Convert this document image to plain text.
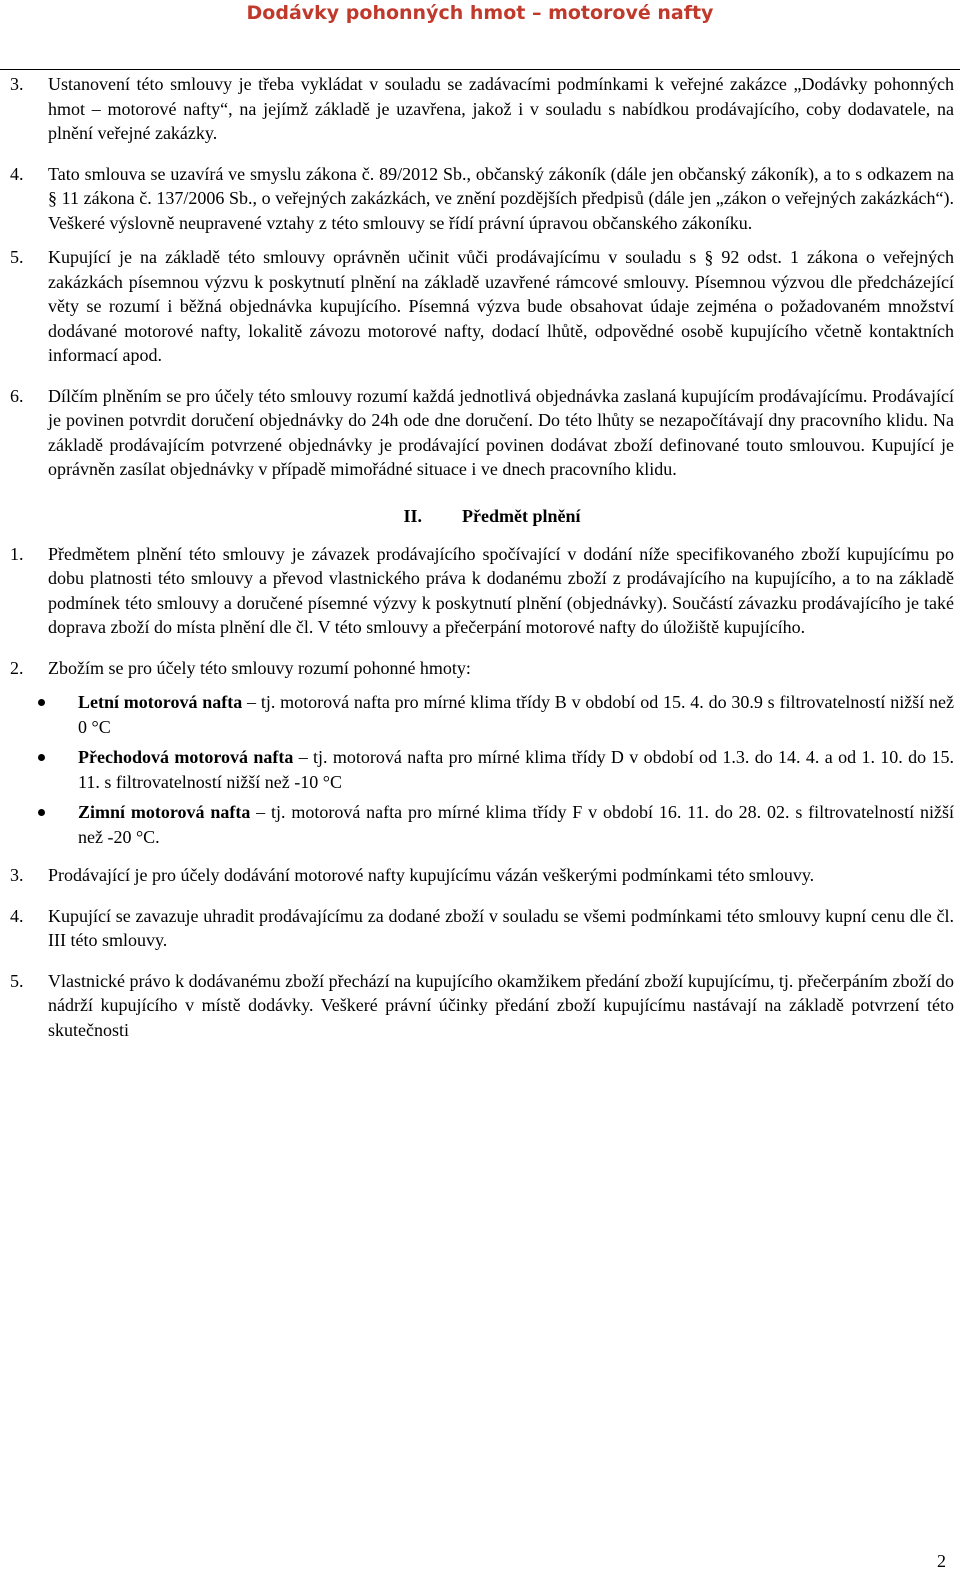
Dodávky pohonných hmot – motorové nafty
3.	Ustanovení této smlouvy je třeba vykládat v souladu se zadávacími podmínkami k veřejné zakázce „Dodávky pohonných hmot – motorové nafty“, na jejímž základě je uzavřena, jakož i v souladu s nabídkou prodávajícího, coby dodavatele, na plnění veřejné zakázky.
4.	Tato smlouva se uzavírá ve smyslu zákona č. 89/2012 Sb., občanský zákoník (dále jen občanský zákoník), a to s odkazem na § 11 zákona č. 137/2006 Sb., o veřejných zakázkách, ve znění pozdějších předpisů (dále jen „zákon o veřejných zakázkách“). Veškeré výslovně neupravené vztahy z této smlouvy se řídí právní úpravou občanského zákoníku.
5.	Kupující je na základě této smlouvy oprávněn učinit vůči prodávajícímu v souladu s § 92 odst. 1 zákona o veřejných zakázkách písemnou výzvu k poskytnutí plnění na základě uzavřené rámcové smlouvy. Písemnou výzvou dle předcházející věty se rozumí i běžná objednávka kupujícího. Písemná výzva bude obsahovat údaje zejména o požadovaném množství dodávané motorové nafty, lokalitě závozu motorové nafty, dodací lhůtě, odpovědné osobě kupujícího včetně kontaktních informací apod.
6.	Dílčím plněním se pro účely této smlouvy rozumí každá jednotlivá objednávka zaslaná kupujícím prodávajícímu. Prodávající je povinen potvrdit doručení objednávky do 24h ode dne doručení. Do této lhůty se nezapočítávají dny pracovního klidu. Na základě prodávajícím potvrzené objednávky je prodávající povinen dodávat zboží definované touto smlouvou. Kupující je oprávněn zasílat objednávky v případě mimořádné situace i ve dnech pracovního klidu.
II. Předmět plnění
1.	Předmětem plnění této smlouvy je závazek prodávajícího spočívající v dodání níže specifikovaného zboží kupujícímu po dobu platnosti této smlouvy a převod vlastnického práva k dodanému zboží z prodávajícího na kupujícího, a to na základě podmínek této smlouvy a doručené písemné výzvy k poskytnutí plnění (objednávky). Součástí závazku prodávajícího je také doprava zboží do místa plnění dle čl. V této smlouvy a přečerpání motorové nafty do úložiště kupujícího.
2.	Zbožím se pro účely této smlouvy rozumí pohonné hmoty:
Letní motorová nafta – tj. motorová nafta pro mírné klima třídy B v období od 15. 4. do 30.9 s filtrovatelností nižší než 0 °C
Přechodová motorová nafta – tj. motorová nafta pro mírné klima třídy D v období od 1.3. do 14. 4. a od 1. 10. do 15. 11. s filtrovatelností nižší než -10 °C
Zimní motorová nafta – tj. motorová nafta pro mírné klima třídy F v období 16. 11. do 28. 02. s filtrovatelností nižší než -20 °C.
3.	Prodávající je pro účely dodávání motorové nafty kupujícímu vázán veškerými podmínkami této smlouvy.
4.	Kupující se zavazuje uhradit prodávajícímu za dodané zboží v souladu se všemi podmínkami této smlouvy kupní cenu dle čl. III této smlouvy.
5.	Vlastnické právo k dodávanému zboží přechází na kupujícího okamžikem předání zboží kupujícímu, tj. přečerpáním zboží do nádrží kupujícího v místě dodávky. Veškeré právní účinky předání zboží kupujícímu nastávají na základě potvrzení této skutečnosti
2
